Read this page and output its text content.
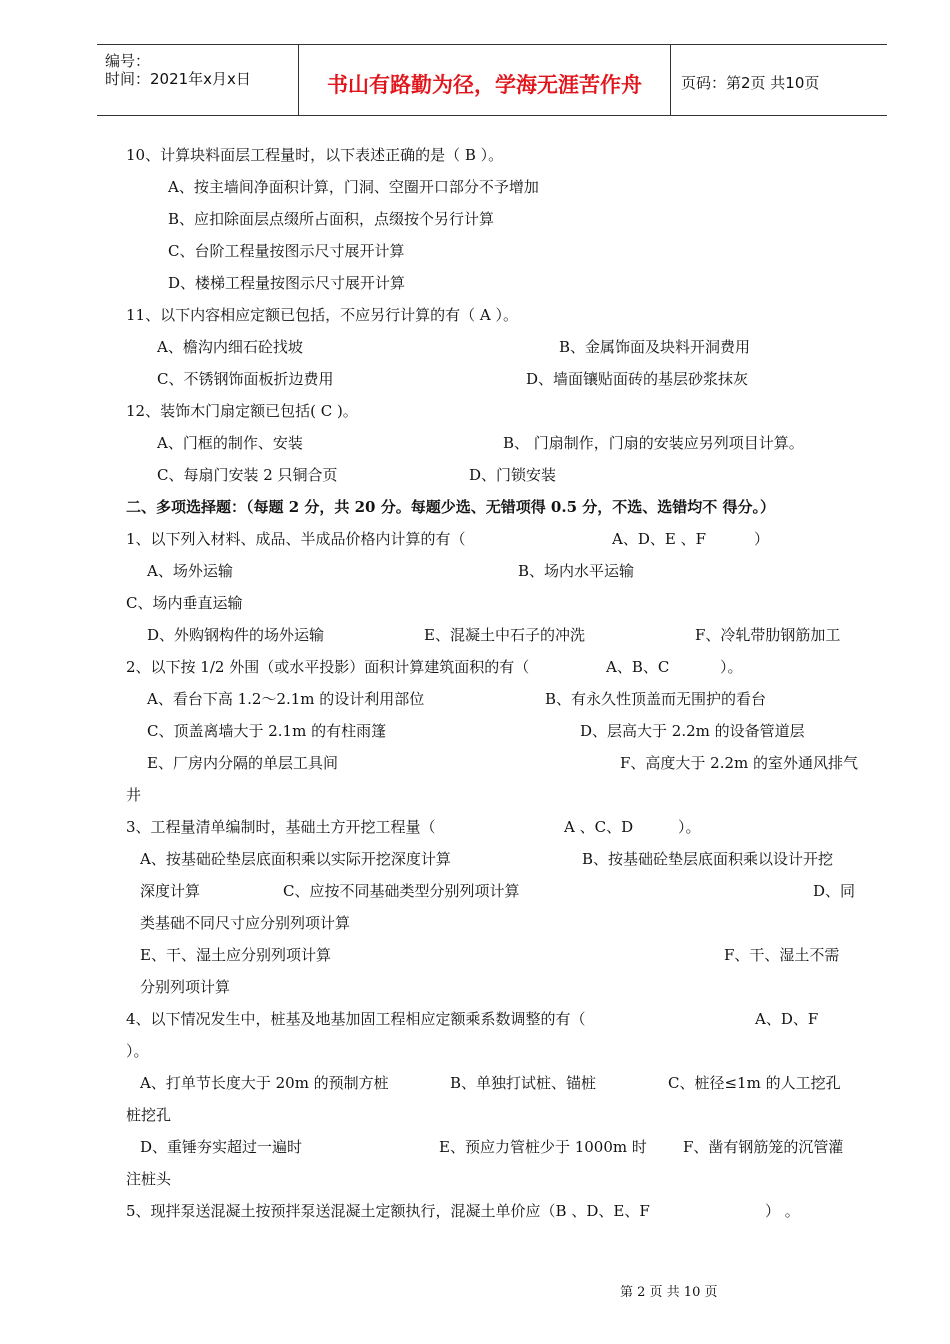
编号：
时间：2021年x月x日	书山有路勤为径，学海无涯苦作舟	页码：第2页 共10页
10、计算块料面层工程量时，以下表述正确的是（ B ）。
A、按主墙间净面积计算，门洞、空圈开口部分不予增加
B、应扣除面层点缀所占面积，点缀按个另行计算
C、台阶工程量按图示尺寸展开计算
D、楼梯工程量按图示尺寸展开计算
11、以下内容相应定额已包括，不应另行计算的有（ A ）。
A、檐沟内细石砼找坡	B、金属饰面及块料开洞费用
C、不锈钢饰面板折边费用	D、墙面镶贴面砖的基层砂浆抹灰
12、装饰木门扇定额已包括( C )。
A、门框的制作、安装	B、 门扇制作，门扇的安装应另列项目计算。
C、每扇门安装 2 只铜合页	D、门锁安装
二、多项选择题：（每题 2 分，共 20 分。每题少选、无错项得 0.5 分，不选、选错均不 得分。）
1、以下列入材料、成品、半成品价格内计算的有（	A、D、E 、F	）
A、场外运输	B、场内水平运输
C、场内垂直运输
D、外购钢构件的场外运输	E、混凝土中石子的冲洗	F、冷轧带肋钢筋加工
2、以下按 1/2 外围（或水平投影）面积计算建筑面积的有（	A、B、C	）。
A、看台下高 1.2～2.1m 的设计利用部位	B、有永久性顶盖而无围护的看台
C、顶盖离墙大于 2.1m 的有柱雨篷	D、层高大于 2.2m 的设备管道层
E、厂房内分隔的单层工具间	F、高度大于 2.2m 的室外通风排气
井
3、工程量清单编制时，基础土方开挖工程量（	A 、C、D	）。
A、按基础砼垫层底面积乘以实际开挖深度计算	B、按基础砼垫层底面积乘以设计开挖
深度计算	C、应按不同基础类型分别列项计算	D、同
类基础不同尺寸应分别列项计算
E、干、湿土应分别列项计算	F、干、湿土不需
分别列项计算
4、以下情况发生中，桩基及地基加固工程相应定额乘系数调整的有（	A、D、F
）。
A、打单节长度大于 20m 的预制方桩	B、单独打试桩、锚桩	C、桩径≤1m 的人工挖孔
桩挖孔
D、重锤夯实超过一遍时	E、预应力管桩少于 1000m 时 F、凿有钢筋笼的沉管灌
注桩头
5、现拌泵送混凝土按预拌泵送混凝土定额执行，混凝土单价应（B 、D、E、F	） 。
第 2 页 共 10 页
